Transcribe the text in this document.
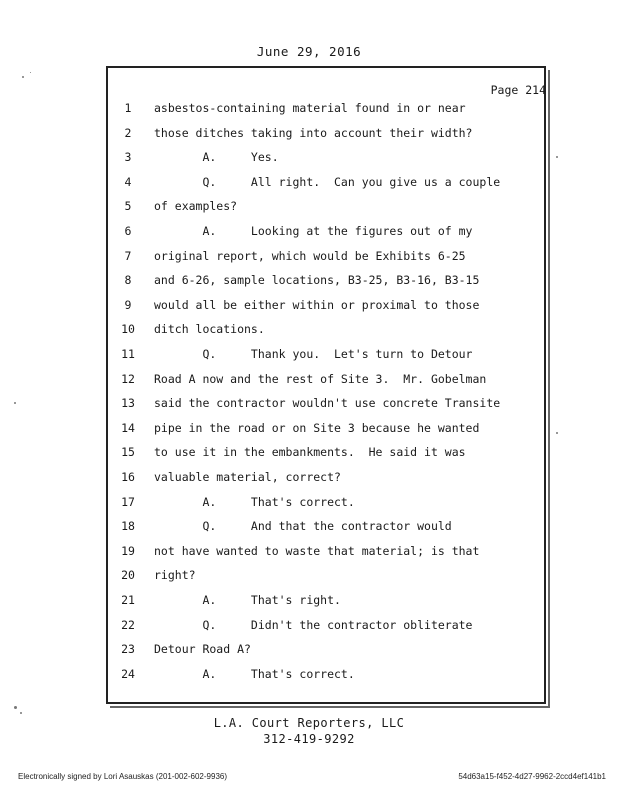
June 29, 2016
Page 214
1	asbestos-containing material found in or near
2	those ditches taking into account their width?
3	A.     Yes.
4	Q.     All right.  Can you give us a couple
5	of examples?
6	A.     Looking at the figures out of my
7	original report, which would be Exhibits 6-25
8	and 6-26, sample locations, B3-25, B3-16, B3-15
9	would all be either within or proximal to those
10	ditch locations.
11	Q.     Thank you.  Let's turn to Detour
12	Road A now and the rest of Site 3.  Mr. Gobelman
13	said the contractor wouldn't use concrete Transite
14	pipe in the road or on Site 3 because he wanted
15	to use it in the embankments.  He said it was
16	valuable material, correct?
17	A.     That's correct.
18	Q.     And that the contractor would
19	not have wanted to waste that material; is that
20	right?
21	A.     That's right.
22	Q.     Didn't the contractor obliterate
23	Detour Road A?
24	A.     That's correct.
L.A. Court Reporters, LLC
312-419-9292
Electronically signed by Lori Asauskas (201-002-602-9936)	54d63a15-f452-4d27-9962-2ccd4ef141b1
